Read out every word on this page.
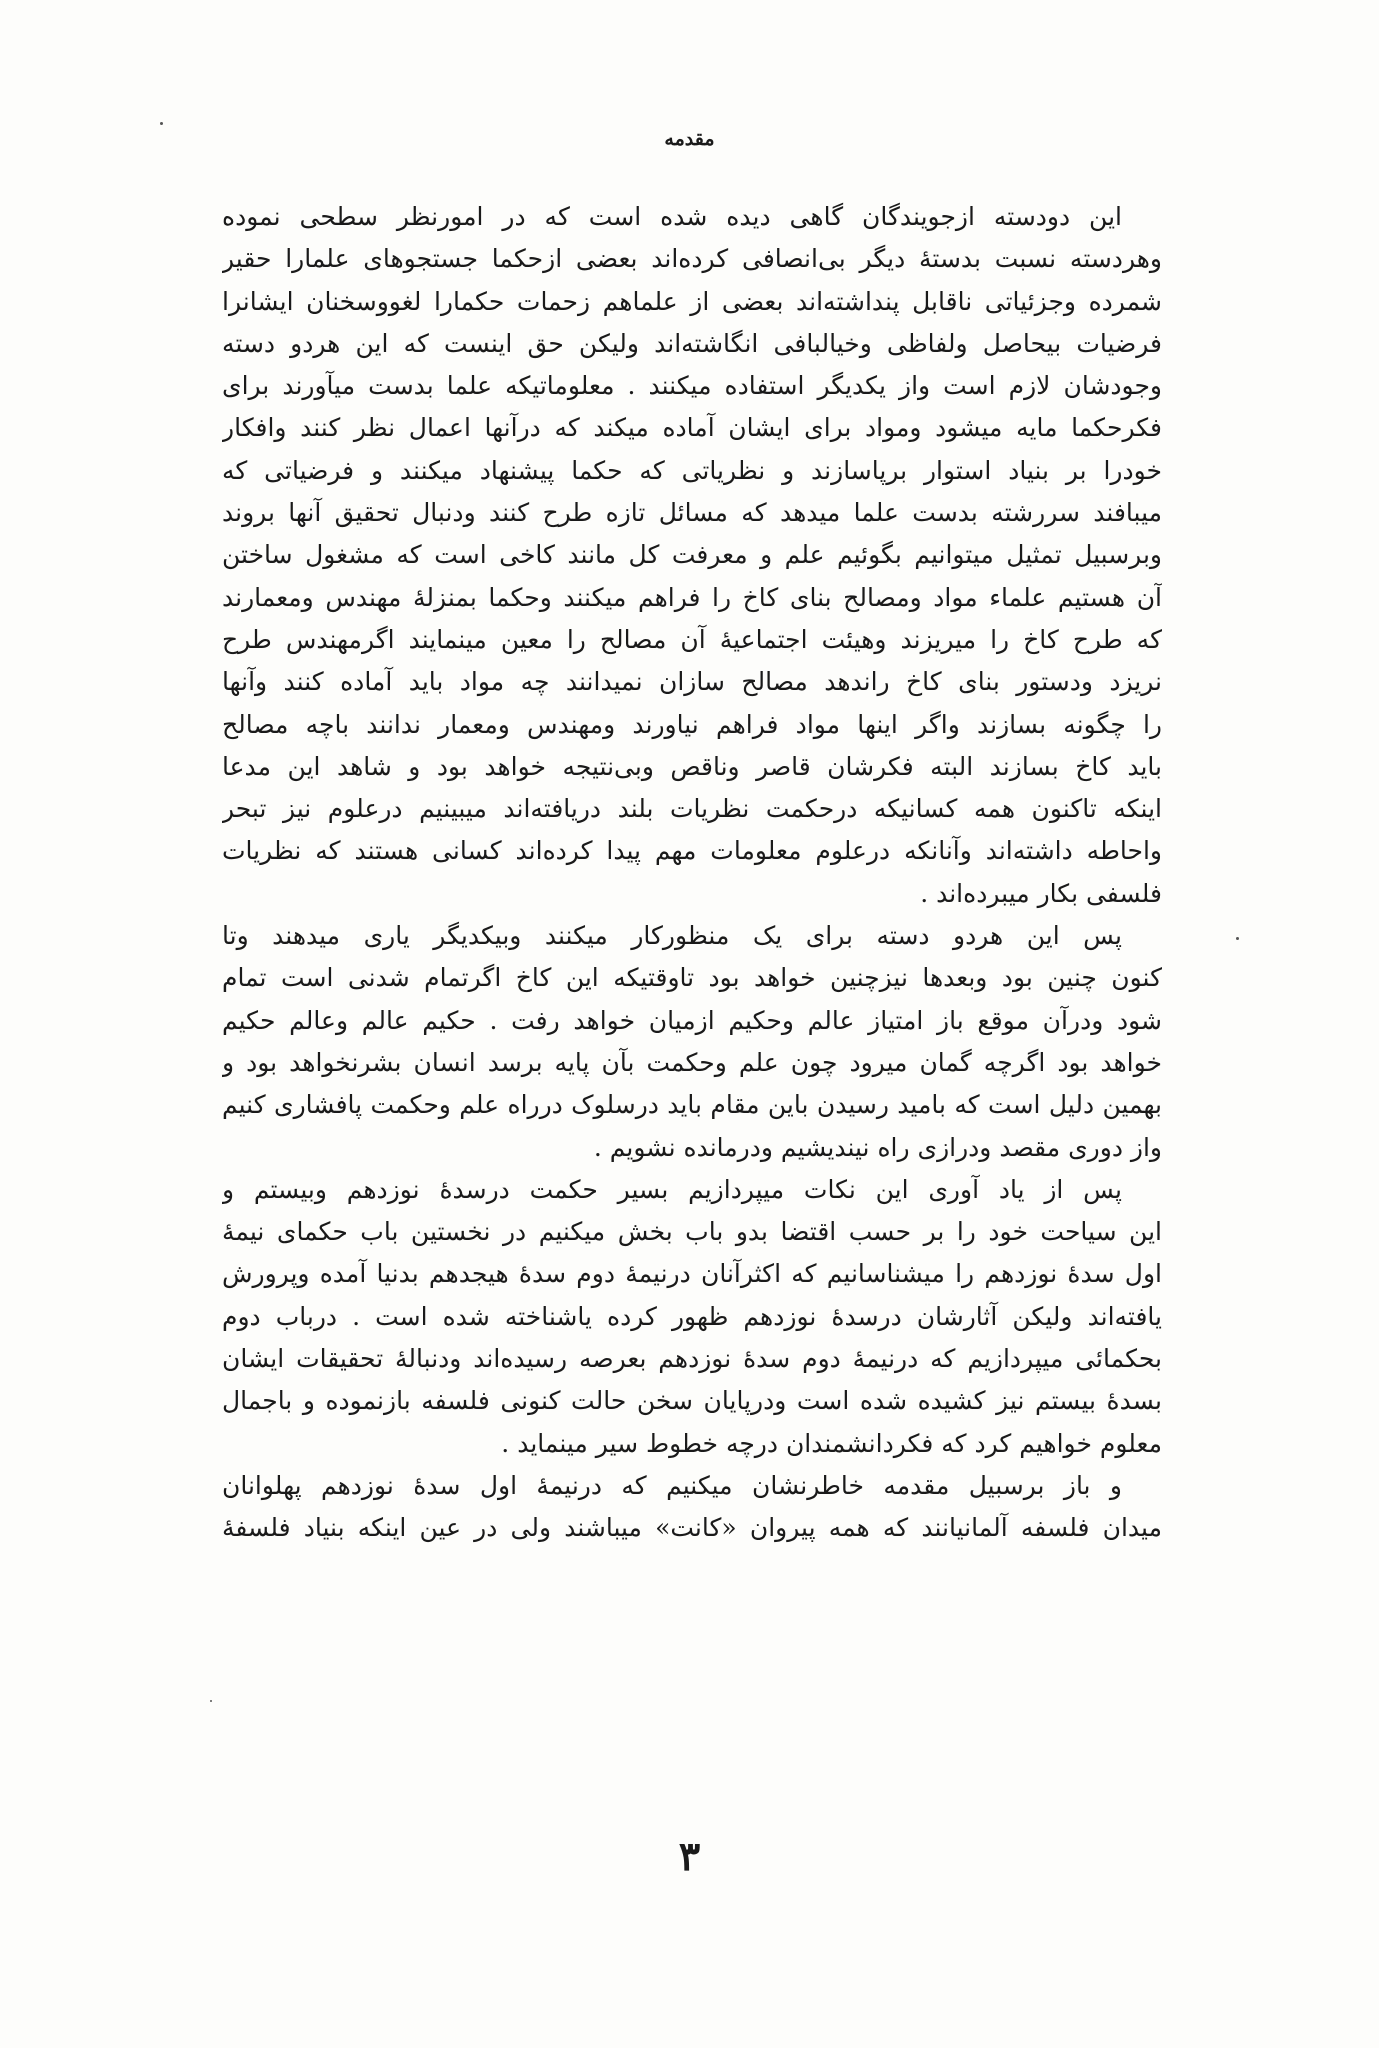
مقدمه
این دودسته ازجویندگان گاهی دیده شده است که در امورنظر سطحی نموده
وهردسته نسبت بدستهٔ دیگر بی‌انصافی کرده‌اند بعضی ازحکما جستجوهای علمارا حقیر
شمرده وجزئیاتی ناقابل پنداشته‌اند بعضی از علماهم زحمات حکمارا لغووسخنان ایشانرا
فرضیات بیحاصل ولفاظی وخیالبافی انگاشته‌اند ولیکن حق اینست که این هردو دسته
وجودشان لازم است واز یکدیگر استفاده میکنند . معلوماتیکه علما بدست میآورند برای
فکرحکما مایه میشود ومواد برای ایشان آماده میکند که درآنها اعمال نظر کنند وافکار
خودرا بر بنیاد استوار برپاسازند و نظریاتی که حکما پیشنهاد میکنند و فرضیاتی که
میبافند سررشته بدست علما میدهد که مسائل تازه طرح کنند ودنبال تحقیق آنها بروند
وبرسبیل تمثیل میتوانیم بگوئیم علم و معرفت کل مانند کاخی است که مشغول ساختن
آن هستیم علماء مواد ومصالح بنای کاخ را فراهم میکنند وحکما بمنزلهٔ مهندس ومعمارند
که طرح کاخ را میریزند وهیئت اجتماعیهٔ آن مصالح را معین مینمایند اگرمهندس طرح
نریزد ودستور بنای کاخ راندهد مصالح سازان نمیدانند چه مواد باید آماده کنند وآنها
را چگونه بسازند واگر اینها مواد فراهم نیاورند ومهندس ومعمار ندانند باچه مصالح
باید کاخ بسازند البته فکرشان قاصر وناقص وبی‌نتیجه خواهد بود و شاهد این مدعا
اینکه تاکنون همه کسانیکه درحکمت نظریات بلند دریافته‌اند میبینیم درعلوم نیز تبحر
واحاطه داشته‌اند وآنانکه درعلوم معلومات مهم پیدا کرده‌اند کسانی هستند که نظریات
فلسفی بکار میبرده‌اند .
پس این هردو دسته برای یک منظورکار میکنند وبیکدیگر یاری میدهند وتا
کنون چنین بود وبعدها نیزچنین خواهد بود تاوقتیکه این کاخ اگرتمام شدنی است تمام
شود ودرآن موقع باز امتیاز عالم وحکیم ازمیان خواهد رفت . حکیم عالم وعالم حکیم
خواهد بود اگرچه گمان میرود چون علم وحکمت بآن پایه برسد انسان بشرنخواهد بود و
بهمین دلیل است که بامید رسیدن باین مقام باید درسلوک درراه علم وحکمت پافشاری کنیم
واز دوری مقصد ودرازی راه نیندیشیم ودرمانده نشویم .
پس از یاد آوری این نکات میپردازیم بسیر حکمت درسدهٔ نوزدهم وبیستم و
این سیاحت خود را بر حسب اقتضا بدو باب بخش میکنیم در نخستین باب حکمای نیمهٔ
اول سدهٔ نوزدهم را میشناسانیم که اکثرآنان درنیمهٔ دوم سدهٔ هیجدهم بدنیا آمده وپرورش
یافته‌اند ولیکن آثارشان درسدهٔ نوزدهم ظهور کرده یاشناخته شده است . درباب دوم
بحکمائی میپردازیم که درنیمهٔ دوم سدهٔ نوزدهم بعرصه رسیده‌اند ودنبالهٔ تحقیقات ایشان
بسدهٔ بیستم نیز کشیده شده است ودرپایان سخن حالت کنونی فلسفه بازنموده و باجمال
معلوم خواهیم کرد که فکردانشمندان درچه خطوط سیر مینماید .
و باز برسبیل مقدمه خاطرنشان میکنیم که درنیمهٔ اول سدهٔ نوزدهم پهلوانان
میدان فلسفه آلمانیانند که همه پیروان «کانت» میباشند ولی در عین اینکه بنیاد فلسفهٔ
۳
